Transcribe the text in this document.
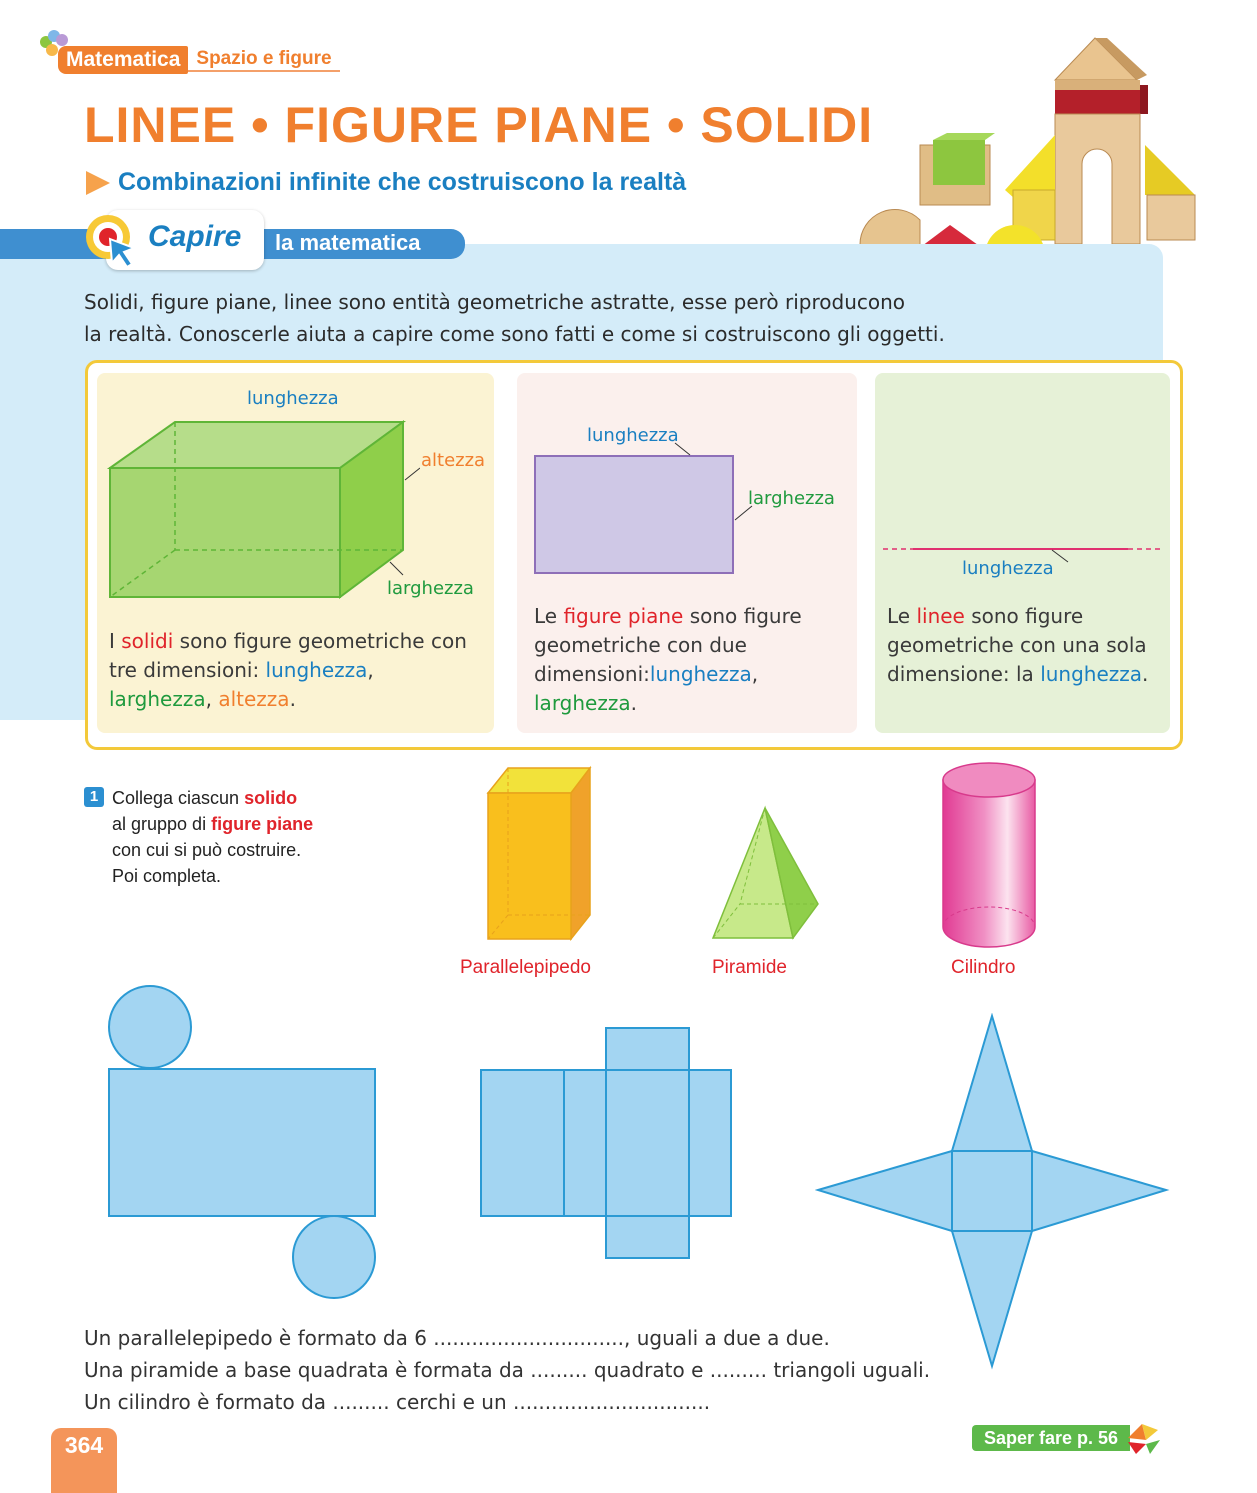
Matematica Spazio e figure
LINEE • FIGURE PIANE • SOLIDI
Combinazioni infinite che costruiscono la realtà
Capire la matematica
Solidi, figure piane, linee sono entità geometriche astratte, esse però riproducono
la realtà. Conoscerle aiuta a capire come sono fatti e come si costruiscono gli oggetti.
lunghezza
altezza
larghezza
I solidi sono figure geometriche con tre dimensioni: lunghezza, larghezza, altezza.
lunghezza
larghezza
Le figure piane sono figure geometriche con due dimensioni:lunghezza, larghezza.
lunghezza
Le linee sono figure geometriche con una sola dimensione: la lunghezza.
1 Collega ciascun solido
al gruppo di figure piane
con cui si può costruire.
Poi completa.
Parallelepipedo	Piramide	Cilindro
Un parallelepipedo è formato da 6 .............................., uguali a due a due.
Una piramide a base quadrata è formata da ......... quadrato e ......... triangoli uguali.
Un cilindro è formato da ......... cerchi e un ...............................
364	Saper fare p. 56
